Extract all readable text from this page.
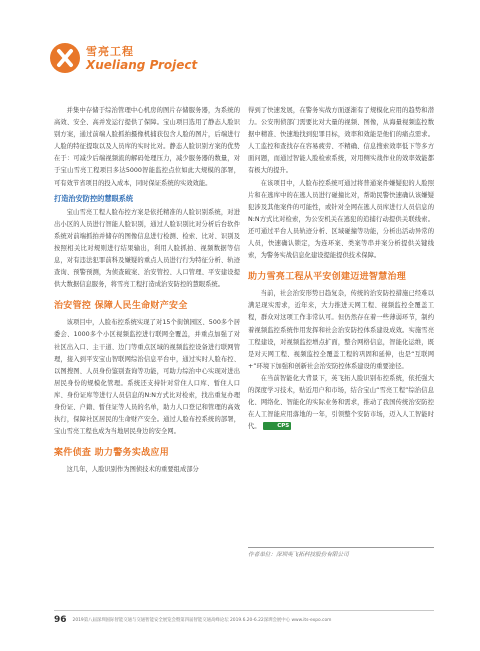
雪亮工程
Xueliang Project

并集中存储于综治管理中心机房的图片存储服务器，为系统的高效、安全、高并发运行提供了保障。宝山项目选用了静态人脸识别方案，通过前端人脸抓拍摄像机捕获包含人脸的图片，后端进行人脸的特征提取以及人员库的实时比对。静态人脸识别方案的优势在于：可减少后端视频流的解码处理压力，减少服务器的数量，对于宝山雪亮工程项目多达5000智能监控点位如此大规模的部署，可有效节省项目的投入成本，同时保证系统的实效效能。

打造治安防控的慧眼系统

宝山雪亮工程人脸布控方案是依托精准的人脸识别系统，对进出小区的人员进行智能人脸识别，通过人脸识别比对分析后台软件系统对前端抓拍并储存的图像信息进行检测、检索、比对、识别及按照相关比对规则进行结果输出，利用人脸抓拍、视频数据等信息，对有违法犯罪前科及嫌疑的重点人员进行行为特征分析、轨迹查询、预警预测，为侦查破案、治安管控、人口管理、平安建设提供大数据信息服务，将雪亮工程打造成治安防控的慧眼系统。

治安管控 保障人民生命财产安全

该项目中，人脸布控系统实现了对15个街镇园区、500多个居委会、1000多个小区视频监控进行联网全覆盖，并重点加强了对社区出入口、主干道、边门等重点区域的视频监控设备进行联网管理，接入到平安宝山智联网综治信息平台中，通过实时人脸布控、以图搜图、人员身份鉴别查询等功能，可助力综治中心实现对进出居民身份的规模化管理。系统还支持针对常住人口库、暂住人口库、身份证库等进行人员信息的N:N方式比对检索，找出重复办理身份证、户籍、暂住证等人员的名单，助力人口登记和管理的高效执行，保障社区居民的生命财产安全。通过人脸布控系统的部署，宝山雪亮工程也成为当地居民身边的安全网。

案件侦查 助力警务实战应用

这几年，人脸识别作为图侦技术的重要组成部分

得到了快速发展，在警务实战方面逐渐有了规模化应用的趋势和潜力。公安刑侦部门需要比对大量的视频、图像，从海量视频监控数据中精准、快速地找到犯罪目标，效率和效能是他们的痛点需求。人工监控和查找存在容易疲劳、不精确、信息搜索效率低下等多方面问题，而通过智能人脸检索系统，对用侧实战作业的效率效能都有极大的提升。

在该项目中，人脸布控系统可通过将普通案件嫌疑犯的人脸照片和在逃库中的在逃人员进行碰撞比对，帮助民警快速确认该嫌疑犯涉及其他案件的可能性，或针对全网在逃人员库进行人员信息的N:N方式比对检索，为公安机关在逃犯的追捕行动提供关联线索。还可通过平台人员轨迹分析、区域碰撞等功能，分析出活动异常的人员，快速确认锁定，为连环案、类案等串并案分析提供关键线索，为警务实战信息化建设提能提供技术保障。

助力雪亮工程从平安创建迈进智慧治理

当前，社会治安形势日趋复杂，传统的治安防控措施已经难以满足现实需求，近年来，大力推进天网工程、视频监控全覆盖工程，群众对这项工作非常认可。但仍然存在着一些薄弱环节，制约着视频监控系统作用发挥和社会治安防控体系建设成效。实施雪亮工程建设，对视频监控增点扩面，整合网格信息，智能化运维，既是对天网工程、视频监控全覆盖工程的巩固和延伸，也是“互联网+”环境下加强和创新社会治安防控体系建设的重要途径。

在当前智能化大背景下，英飞拓人脸识别布控系统，依托强大的深度学习技术，贴近用户和市场，结合宝山“雪亮工程”综治信息化、网络化、智能化的实际业务和需求，推动了我国传统治安防控在人工智能应用落地的一年，引领整个安防市场，迈入人工智能时代。	CPS

作者单位：深圳英飞拓科技股份有限公司
96 2019第八届深圳国际智能交通与交通智能安全展览会暨第四届智能交通高峰论坛 2019.6.20-6.22深圳会展中心 www.its-expo.com
